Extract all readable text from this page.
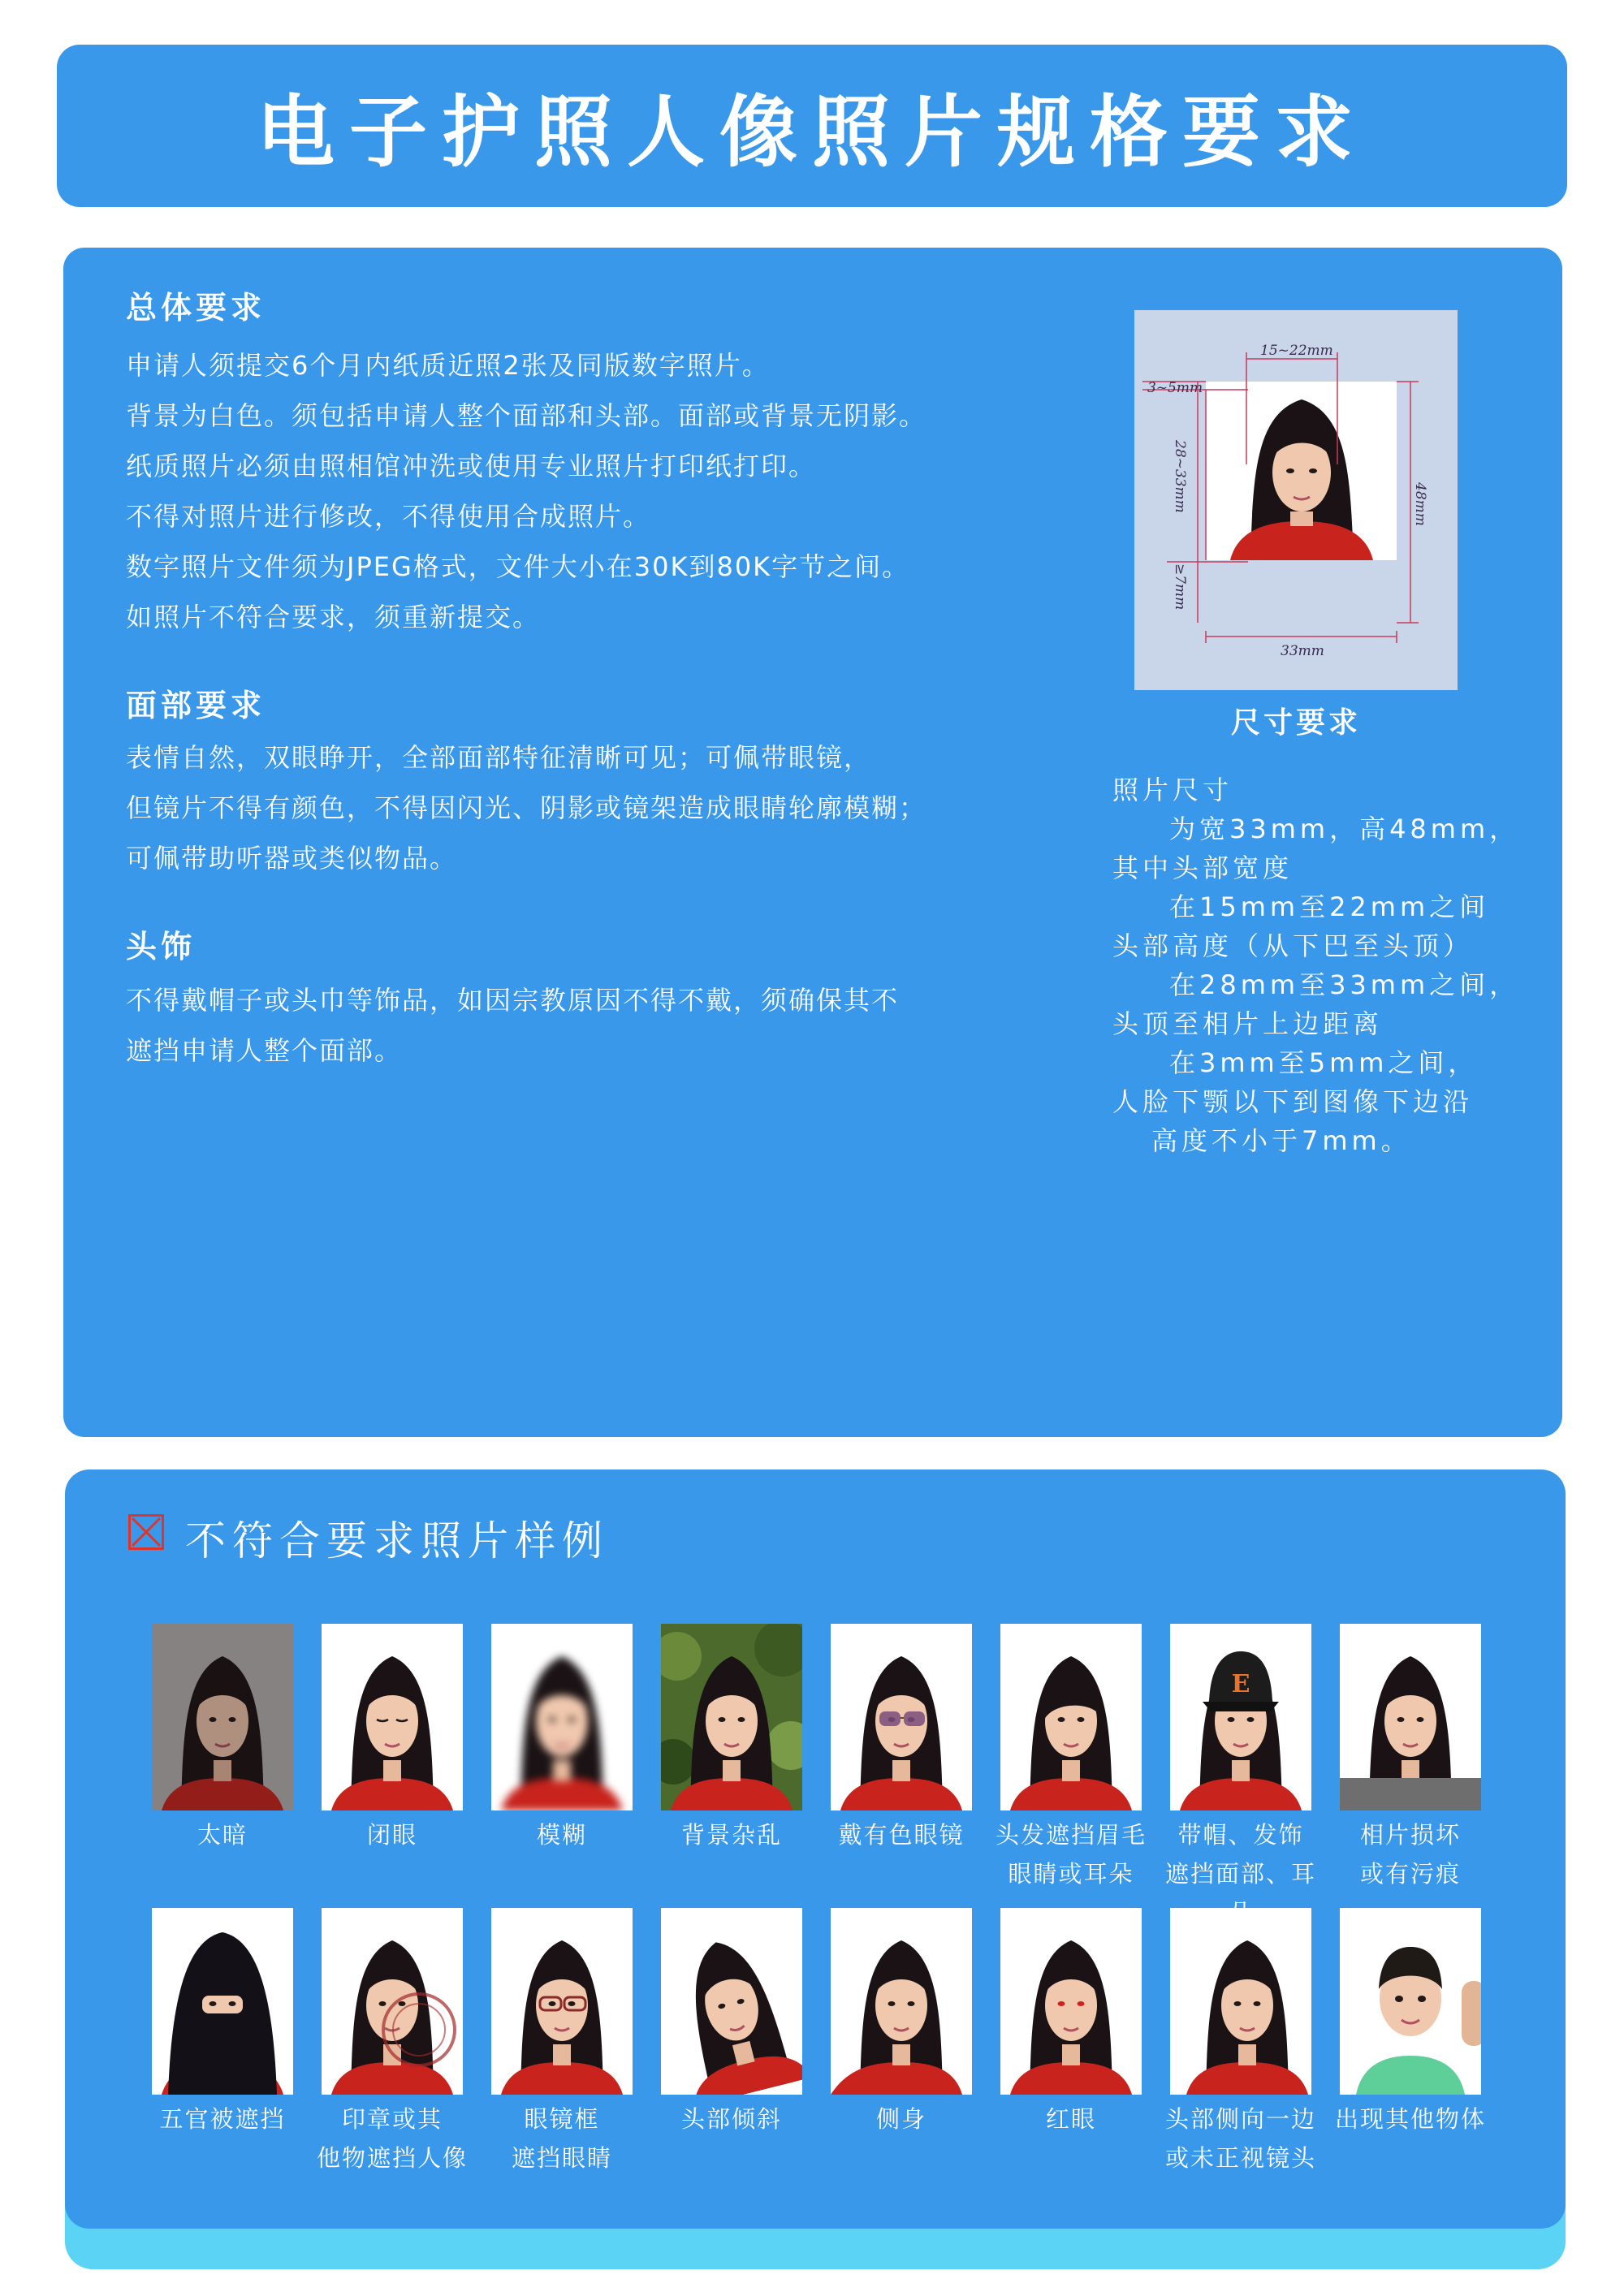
电子护照人像照片规格要求
总体要求
申请人须提交6个月内纸质近照2张及同版数字照片。
背景为白色。须包括申请人整个面部和头部。面部或背景无阴影。
纸质照片必须由照相馆冲洗或使用专业照片打印纸打印。
不得对照片进行修改，不得使用合成照片。
数字照片文件须为JPEG格式，文件大小在30K到80K字节之间。
如照片不符合要求，须重新提交。
面部要求
表情自然，双眼睁开，全部面部特征清晰可见；可佩带眼镜，
但镜片不得有颜色，不得因闪光、阴影或镜架造成眼睛轮廓模糊；
可佩带助听器或类似物品。
头饰
不得戴帽子或头巾等饰品，如因宗教原因不得不戴，须确保其不
遮挡申请人整个面部。
15~22mm
3~5mm
28~33mm
≥7mm
48mm
33mm
尺寸要求
照片尺寸
为宽33mm，高48mm，
其中头部宽度
在15mm至22mm之间
头部高度（从下巴至头顶）
在28mm至33mm之间，
头顶至相片上边距离
在3mm至5mm之间，
人脸下颚以下到图像下边沿
高度不小于7mm。
不符合要求照片样例
太暗	闭眼	模糊	背景杂乱	戴有色眼镜	头发遮挡眉毛
眼睛或耳朵
E
带帽、发饰
遮挡面部、耳
相片损坏
或有污痕
五官被遮挡	印章或其
他物遮挡人像
眼镜框
遮挡眼睛
头部倾斜	侧身	红眼	头部侧向一边
或未正视镜头
出现其他物体
